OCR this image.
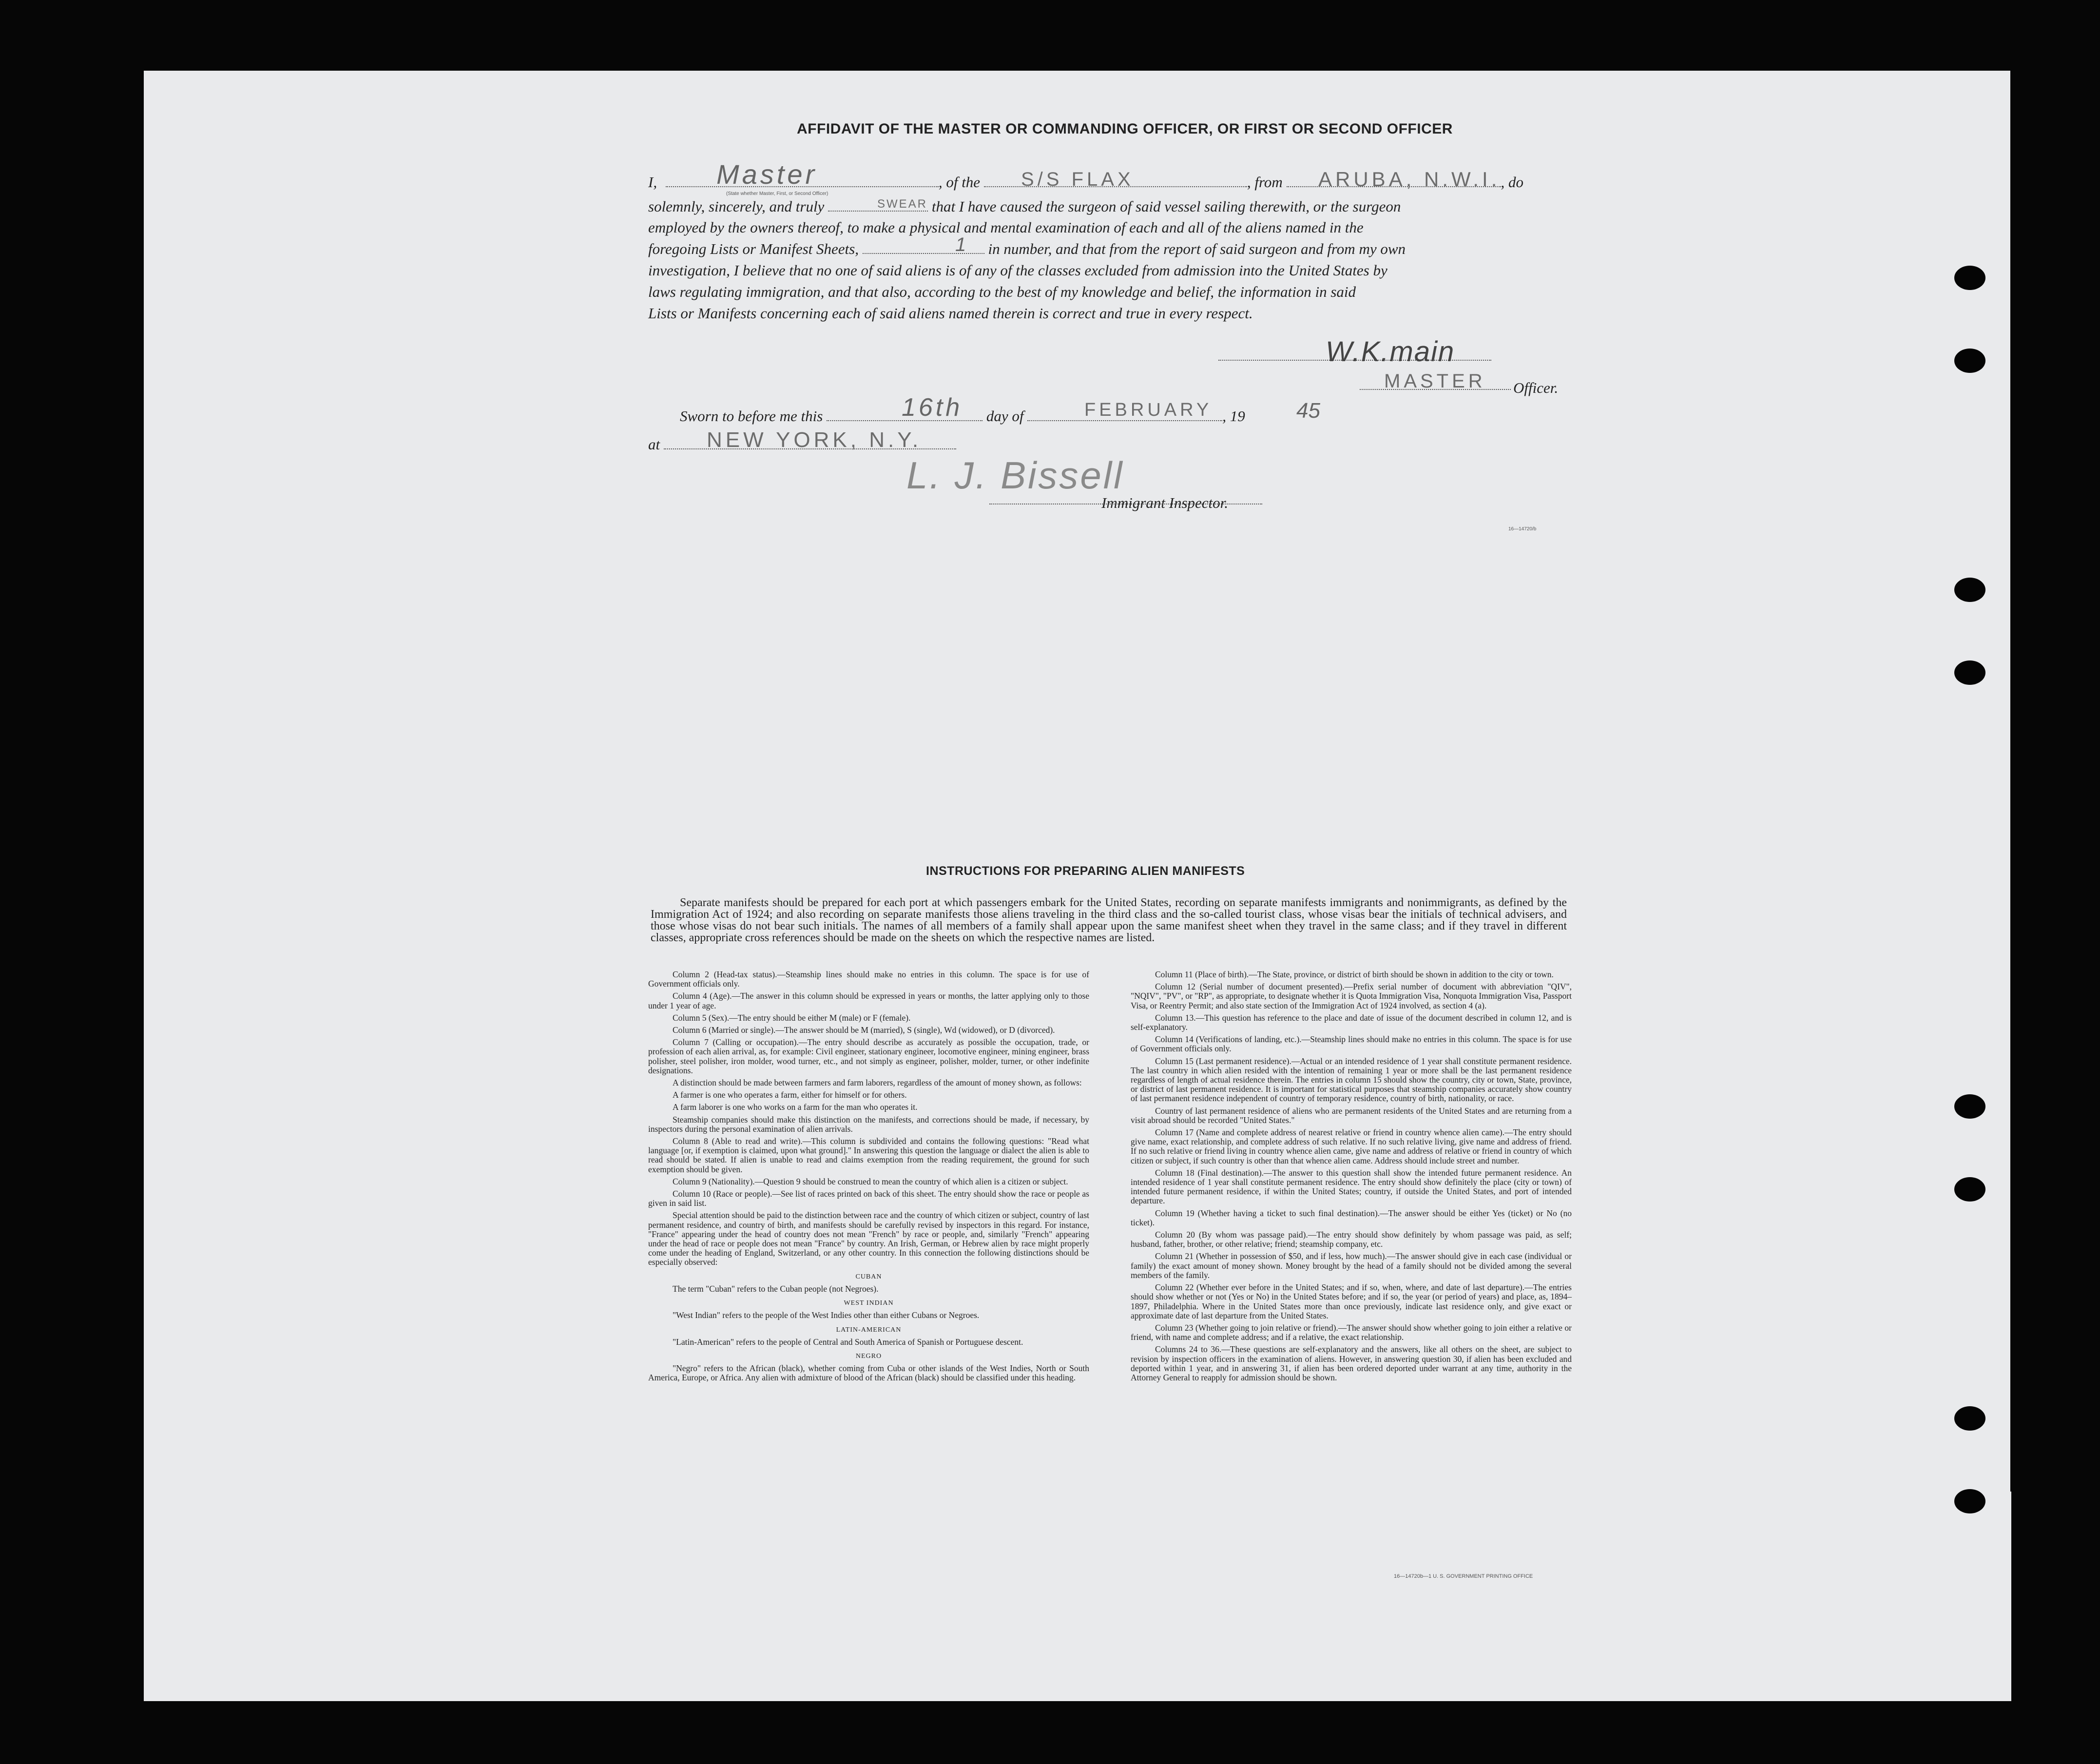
AFFIDAVIT OF THE MASTER OR COMMANDING OFFICER, OR FIRST OR SECOND OFFICER
I,	, of the	, from	, do
(State whether Master, First, or Second Officer)
solemnly, sincerely, and truly	that I have caused the surgeon of said vessel sailing therewith, or the surgeon
employed by the owners thereof, to make a physical and mental examination of each and all of the aliens named in the
foregoing Lists or Manifest Sheets,	in number, and that from the report of said surgeon and from my own
investigation, I believe that no one of said aliens is of any of the classes excluded from admission into the United States by
laws regulating immigration, and that also, according to the best of my knowledge and belief, the information in said
Lists or Manifests concerning each of said aliens named therein is correct and true in every respect.
Master	S/S FLAX	ARUBA, N.W.I.
SWEAR
1
W.K.main
MASTER Officer.
Sworn to before me this	day of	, 19
16th	FEBRUARY	45
at	NEW YORK, N.Y.
L. J. Bissell
Immigrant Inspector.
16—14720/b
INSTRUCTIONS FOR PREPARING ALIEN MANIFESTS
Separate manifests should be prepared for each port at which passengers embark for the United States, recording on separate manifests immigrants and nonimmigrants, as defined by the Immigration Act of 1924; and also recording on separate manifests those aliens traveling in the third class and the so-called tourist class, whose visas bear the initials of technical advisers, and those whose visas do not bear such initials. The names of all members of a family shall appear upon the same manifest sheet when they travel in the same class; and if they travel in different classes, appropriate cross references should be made on the sheets on which the respective names are listed.

Column 2 (Head-tax status).—Steamship lines should make no entries in this column. The space is for use of Government officials only.

Column 4 (Age).—The answer in this column should be expressed in years or months, the latter applying only to those under 1 year of age.

Column 5 (Sex).—The entry should be either M (male) or F (female).

Column 6 (Married or single).—The answer should be M (married), S (single), Wd (widowed), or D (divorced).

Column 7 (Calling or occupation).—The entry should describe as accurately as possible the occupation, trade, or profession of each alien arrival, as, for example: Civil engineer, stationary engineer, locomotive engineer, mining engineer, brass polisher, steel polisher, iron molder, wood turner, etc., and not simply as engineer, polisher, molder, turner, or other indefinite designations.

A distinction should be made between farmers and farm laborers, regardless of the amount of money shown, as follows:

A farmer is one who operates a farm, either for himself or for others.

A farm laborer is one who works on a farm for the man who operates it.

Steamship companies should make this distinction on the manifests, and corrections should be made, if necessary, by inspectors during the personal examination of alien arrivals.

Column 8 (Able to read and write).—This column is subdivided and contains the following questions: "Read what language [or, if exemption is claimed, upon what ground]." In answering this question the language or dialect the alien is able to read should be stated. If alien is unable to read and claims exemption from the reading requirement, the ground for such exemption should be given.

Column 9 (Nationality).—Question 9 should be construed to mean the country of which alien is a citizen or subject.

Column 10 (Race or people).—See list of races printed on back of this sheet. The entry should show the race or people as given in said list.

Special attention should be paid to the distinction between race and the country of which citizen or subject, country of last permanent residence, and country of birth, and manifests should be carefully revised by inspectors in this regard. For instance, "France" appearing under the head of country does not mean "French" by race or people, and, similarly "French" appearing under the head of race or people does not mean "France" by country. An Irish, German, or Hebrew alien by race might properly come under the heading of England, Switzerland, or any other country. In this connection the following distinctions should be especially observed:

CUBAN

The term "Cuban" refers to the Cuban people (not Negroes).

WEST INDIAN

"West Indian" refers to the people of the West Indies other than either Cubans or Negroes.

LATIN-AMERICAN

"Latin-American" refers to the people of Central and South America of Spanish or Portuguese descent.

NEGRO

"Negro" refers to the African (black), whether coming from Cuba or other islands of the West Indies, North or South America, Europe, or Africa. Any alien with admixture of blood of the African (black) should be classified under this heading.

Column 11 (Place of birth).—The State, province, or district of birth should be shown in addition to the city or town.

Column 12 (Serial number of document presented).—Prefix serial number of document with abbreviation "QIV", "NQIV", "PV", or "RP", as appropriate, to designate whether it is Quota Immigration Visa, Nonquota Immigration Visa, Passport Visa, or Reentry Permit; and also state section of the Immigration Act of 1924 involved, as section 4 (a).

Column 13.—This question has reference to the place and date of issue of the document described in column 12, and is self-explanatory.

Column 14 (Verifications of landing, etc.).—Steamship lines should make no entries in this column. The space is for use of Government officials only.

Column 15 (Last permanent residence).—Actual or an intended residence of 1 year shall constitute permanent residence. The last country in which alien resided with the intention of remaining 1 year or more shall be the last permanent residence regardless of length of actual residence therein. The entries in column 15 should show the country, city or town, State, province, or district of last permanent residence. It is important for statistical purposes that steamship companies accurately show country of last permanent residence independent of country of temporary residence, country of birth, nationality, or race.

Country of last permanent residence of aliens who are permanent residents of the United States and are returning from a visit abroad should be recorded "United States."

Column 17 (Name and complete address of nearest relative or friend in country whence alien came).—The entry should give name, exact relationship, and complete address of such relative. If no such relative living, give name and address of friend. If no such relative or friend living in country whence alien came, give name and address of relative or friend in country of which citizen or subject, if such country is other than that whence alien came. Address should include street and number.

Column 18 (Final destination).—The answer to this question shall show the intended future permanent residence. An intended residence of 1 year shall constitute permanent residence. The entry should show definitely the place (city or town) of intended future permanent residence, if within the United States; country, if outside the United States, and port of intended departure.

Column 19 (Whether having a ticket to such final destination).—The answer should be either Yes (ticket) or No (no ticket).

Column 20 (By whom was passage paid).—The entry should show definitely by whom passage was paid, as self; husband, father, brother, or other relative; friend; steamship company, etc.

Column 21 (Whether in possession of $50, and if less, how much).—The answer should give in each case (individual or family) the exact amount of money shown. Money brought by the head of a family should not be divided among the several members of the family.

Column 22 (Whether ever before in the United States; and if so, when, where, and date of last departure).—The entries should show whether or not (Yes or No) in the United States before; and if so, the year (or period of years) and place, as, 1894–1897, Philadelphia. Where in the United States more than once previously, indicate last residence only, and give exact or approximate date of last departure from the United States.

Column 23 (Whether going to join relative or friend).—The answer should show whether going to join either a relative or friend, with name and complete address; and if a relative, the exact relationship.

Columns 24 to 36.—These questions are self-explanatory and the answers, like all others on the sheet, are subject to revision by inspection officers in the examination of aliens. However, in answering question 30, if alien has been excluded and deported within 1 year, and in answering 31, if alien has been ordered deported under warrant at any time, authority in the Attorney General to reapply for admission should be shown.

16—14720b—1 U. S. GOVERNMENT PRINTING OFFICE
